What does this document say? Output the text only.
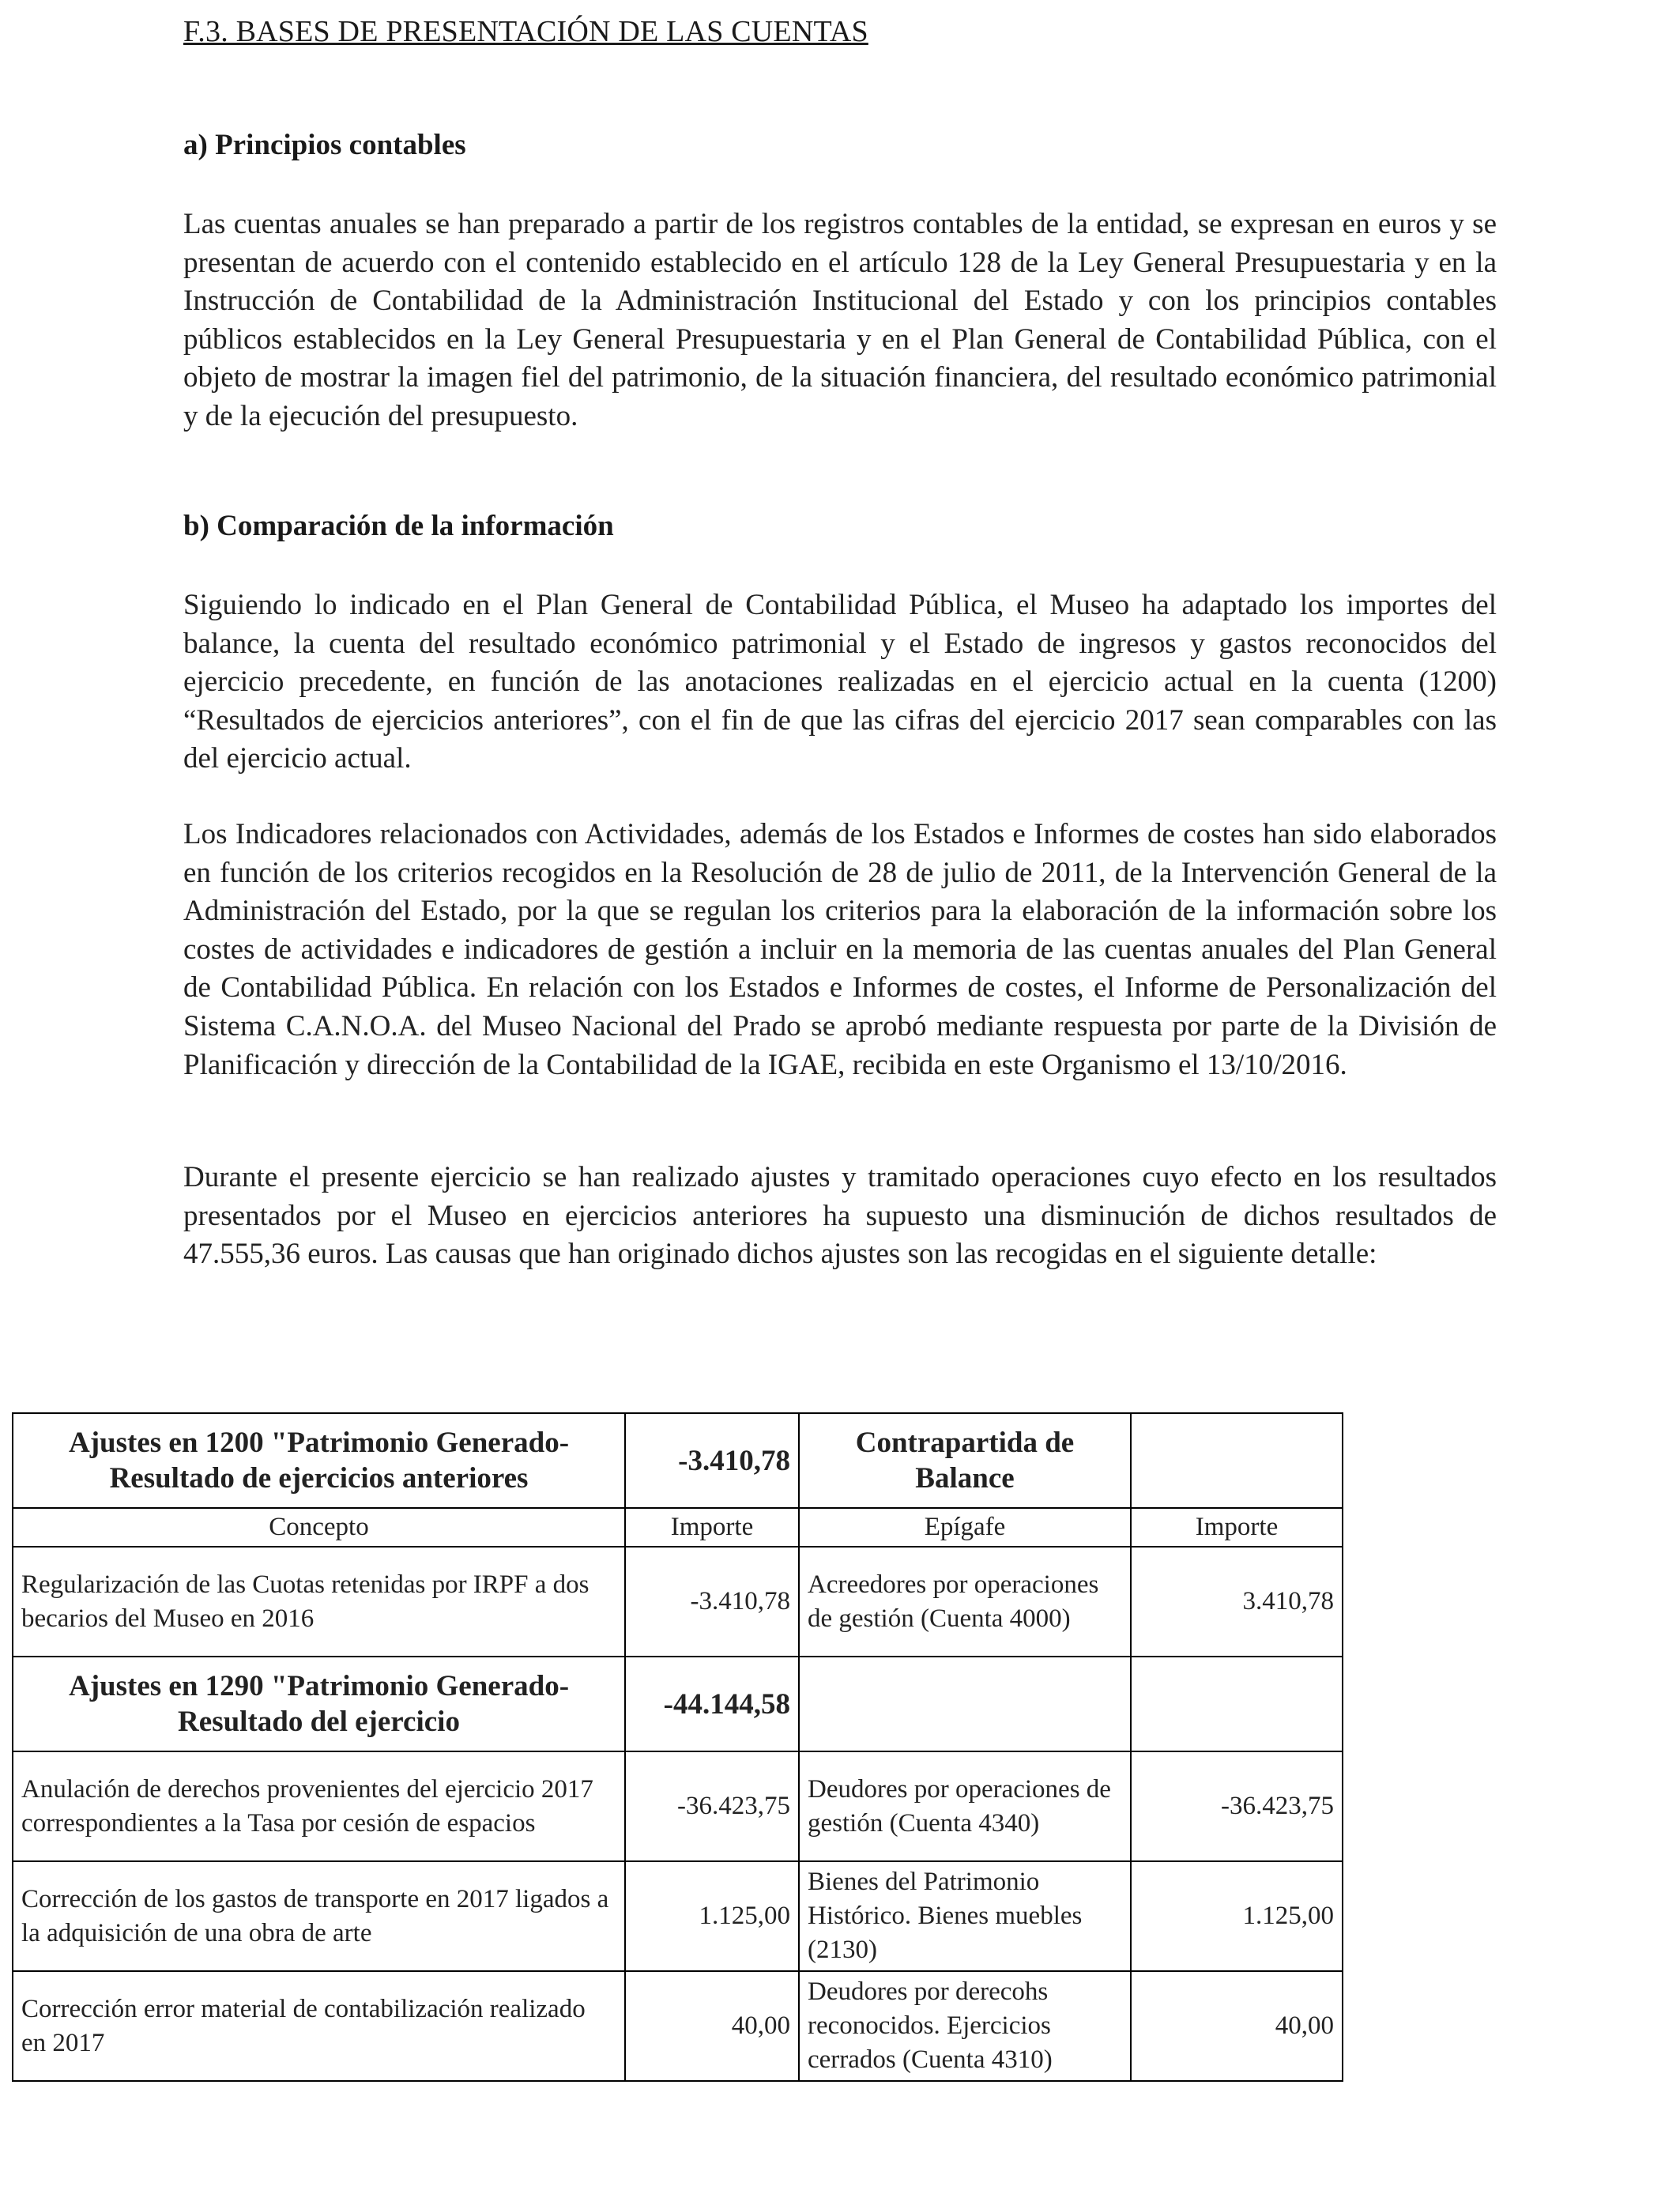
F.3. BASES DE PRESENTACIÓN DE LAS CUENTAS
a) Principios contables

Las cuentas anuales se han preparado a partir de los registros contables de la entidad, se expresan en euros y se presentan de acuerdo con el contenido establecido en el artículo 128 de la Ley General Presupuestaria y en la Instrucción de Contabilidad de la Administración Institucional del Estado y con los principios contables públicos establecidos en la Ley General Presupuestaria y en el Plan General de Contabilidad Pública, con el objeto de mostrar la imagen fiel del patrimonio, de la situación financiera, del resultado económico patrimonial y de la ejecución del presupuesto.

b) Comparación de la información

Siguiendo lo indicado en el Plan General de Contabilidad Pública, el Museo ha adaptado los importes del balance, la cuenta del resultado económico patrimonial y el Estado de ingresos y gastos reconocidos del ejercicio precedente, en función de las anotaciones realizadas en el ejercicio actual en la cuenta (1200) “Resultados de ejercicios anteriores”, con el fin de que las cifras del ejercicio 2017 sean comparables con las del ejercicio actual.

Los Indicadores relacionados con Actividades, además de los Estados e Informes de costes han sido elaborados en función de los criterios recogidos en la Resolución de 28 de julio de 2011, de la Intervención General de la Administración del Estado, por la que se regulan los criterios para la elaboración de la información sobre los costes de actividades e indicadores de gestión a incluir en la memoria de las cuentas anuales del Plan General de Contabilidad Pública. En relación con los Estados e Informes de costes, el Informe de Personalización del Sistema C.A.N.O.A. del Museo Nacional del Prado se aprobó mediante respuesta por parte de la División de Planificación y dirección de la Contabilidad de la IGAE, recibida en este Organismo el 13/10/2016.

Durante el presente ejercicio se han realizado ajustes y tramitado operaciones cuyo efecto en los resultados presentados por el Museo en ejercicios anteriores ha supuesto una disminución de dichos resultados de 47.555,36 euros. Las causas que han originado dichos ajustes son las recogidas en el siguiente detalle:

Ajustes en 1200 "Patrimonio Generado- Resultado de ejercicios anteriores	-3.410,78	Contrapartida de Balance	
Concepto	Importe	Epígafe	Importe
Regularización de las Cuotas retenidas por IRPF a dos becarios del Museo en 2016	-3.410,78	Acreedores por operaciones de gestión (Cuenta 4000)	3.410,78
Ajustes en 1290 "Patrimonio Generado- Resultado del ejercicio	-44.144,58		
Anulación de derechos provenientes del ejercicio 2017 correspondientes a la Tasa por cesión de espacios	-36.423,75	Deudores por operaciones de gestión (Cuenta 4340)	-36.423,75
Corrección de los gastos de transporte en 2017 ligados a la adquisición de una obra de arte	1.125,00	Bienes del Patrimonio Histórico. Bienes muebles (2130)	1.125,00
Corrección error material de contabilización realizado en 2017	40,00	Deudores por derecohs reconocidos. Ejercicios cerrados (Cuenta 4310)	40,00
